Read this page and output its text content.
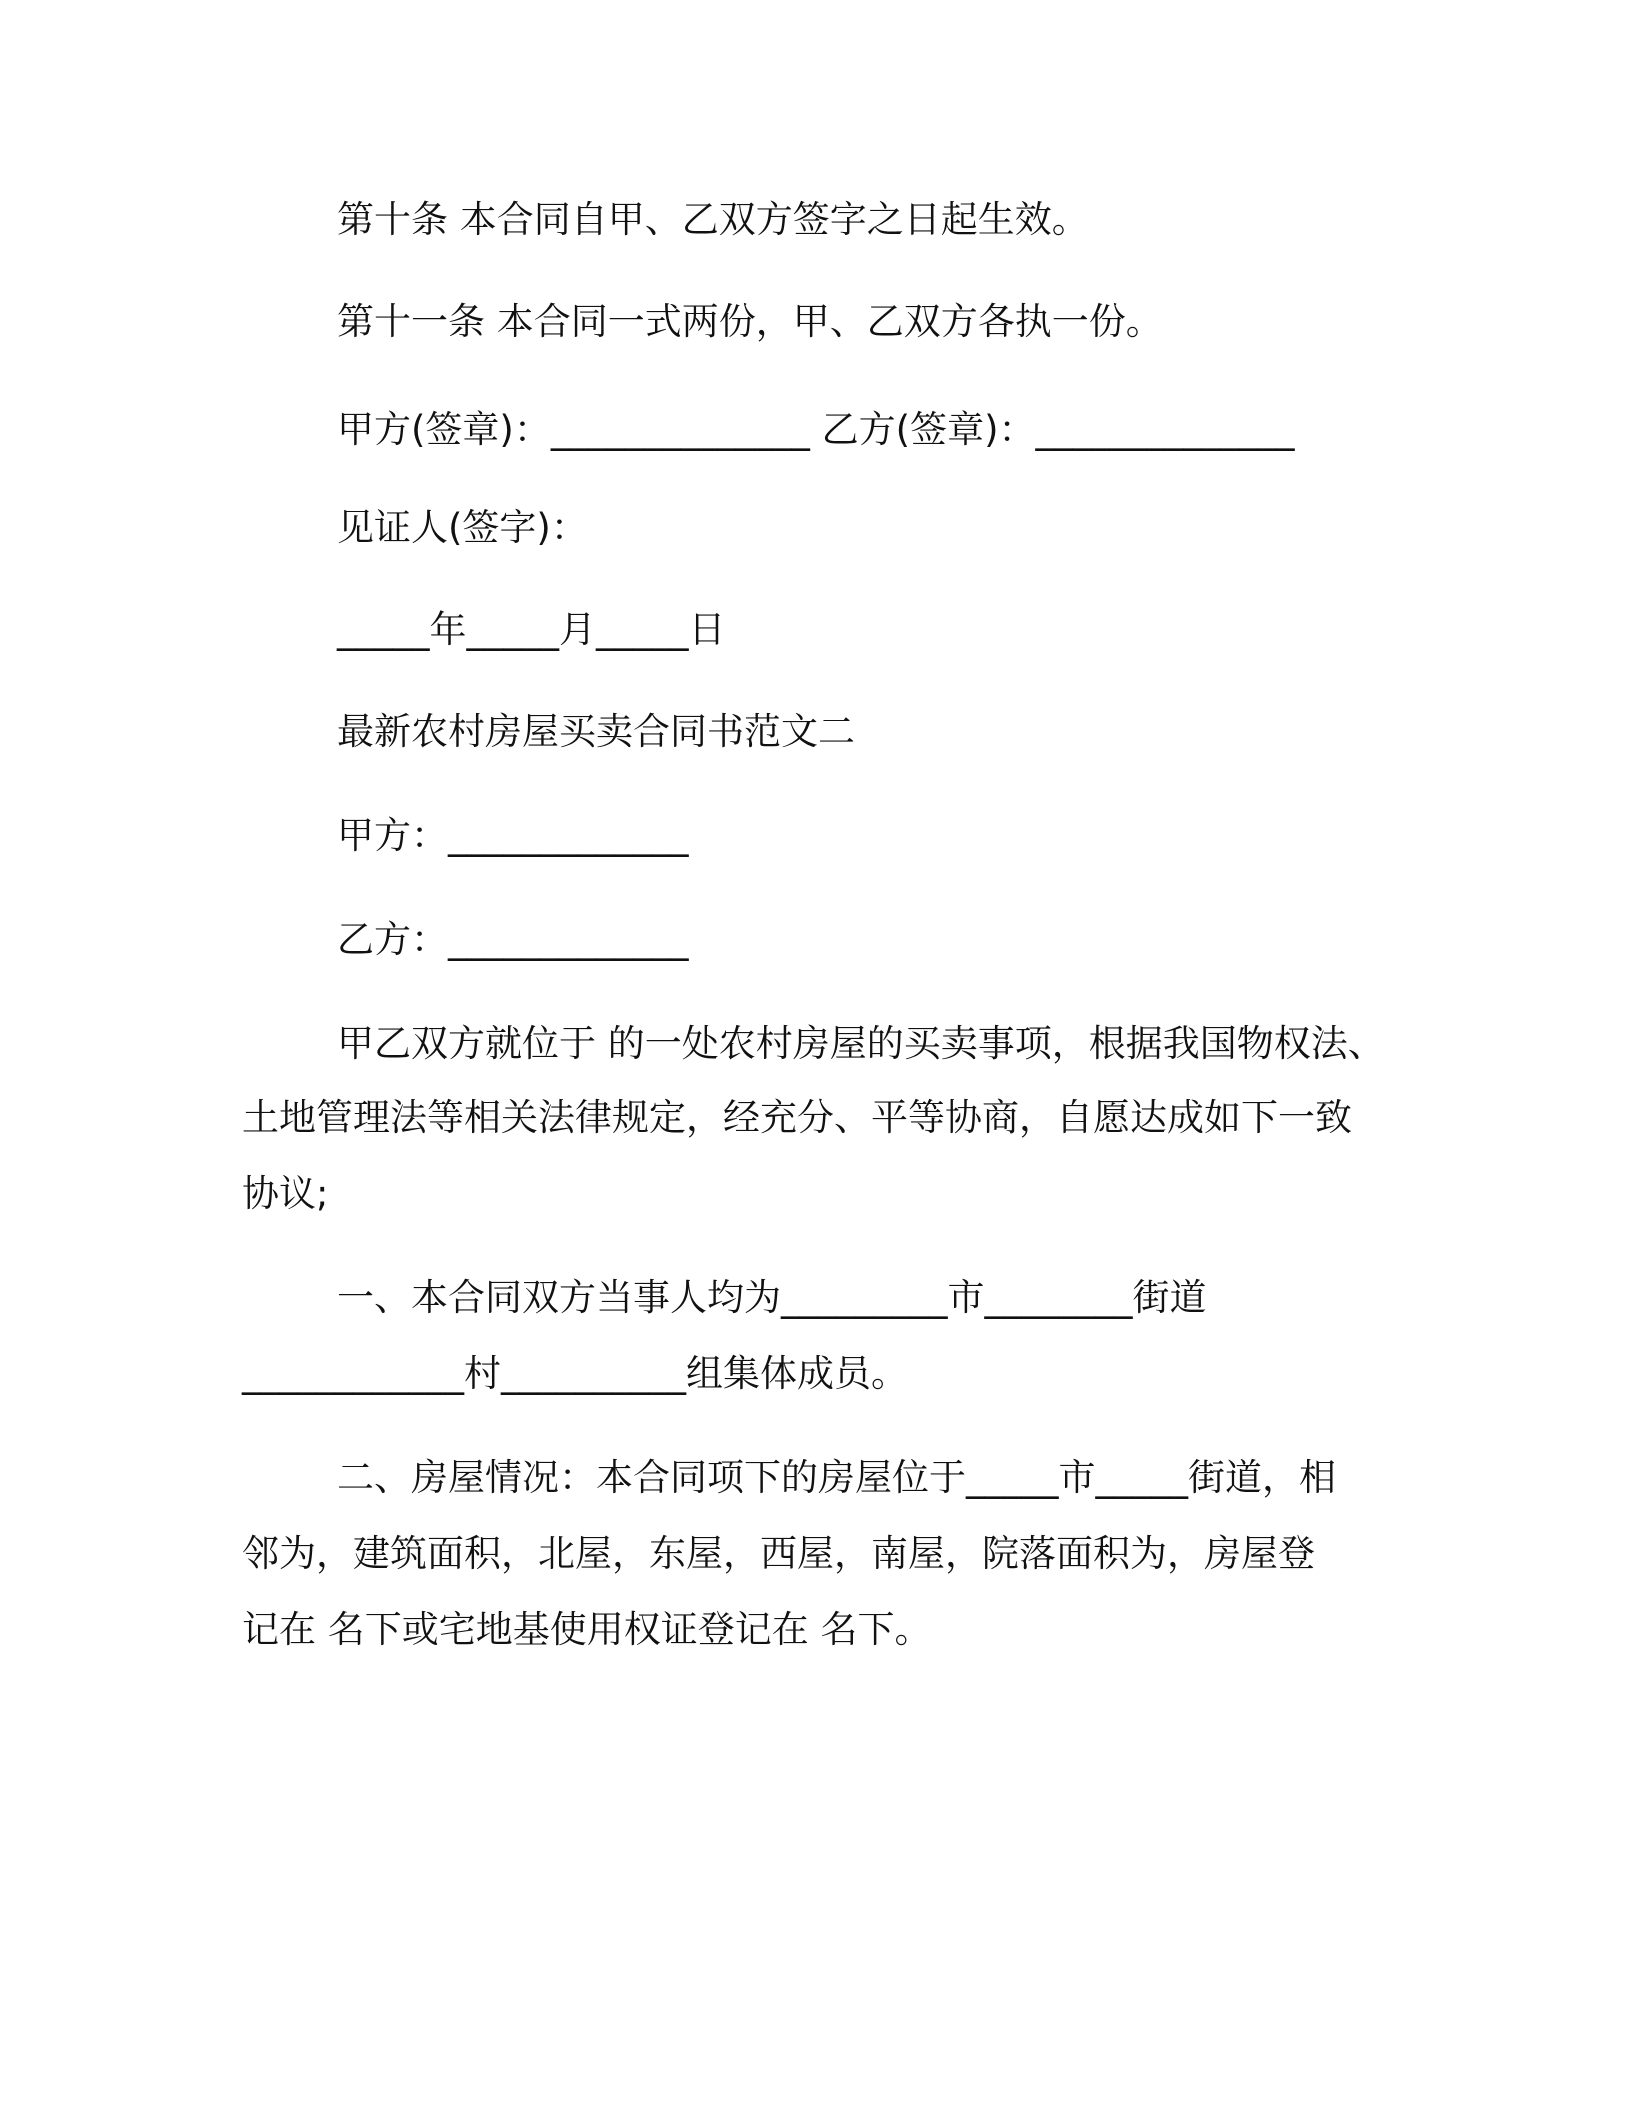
第十条 本合同自甲、乙双方签字之日起生效。

第十一条 本合同一式两份，甲、乙双方各执一份。

甲方(签章)：______________ 乙方(签章)：______________

见证人(签字)：

_____年_____月_____日

最新农村房屋买卖合同书范文二

甲方：_____________

乙方：_____________

甲乙双方就位于 的一处农村房屋的买卖事项，根据我国物权法、

土地管理法等相关法律规定，经充分、平等协商，自愿达成如下一致

协议;

一、本合同双方当事人均为_________市________街道

____________村__________组集体成员。

二、房屋情况：本合同项下的房屋位于_____市_____街道，相

邻为，建筑面积，北屋，东屋，西屋，南屋，院落面积为，房屋登

记在 名下或宅地基使用权证登记在 名下。
